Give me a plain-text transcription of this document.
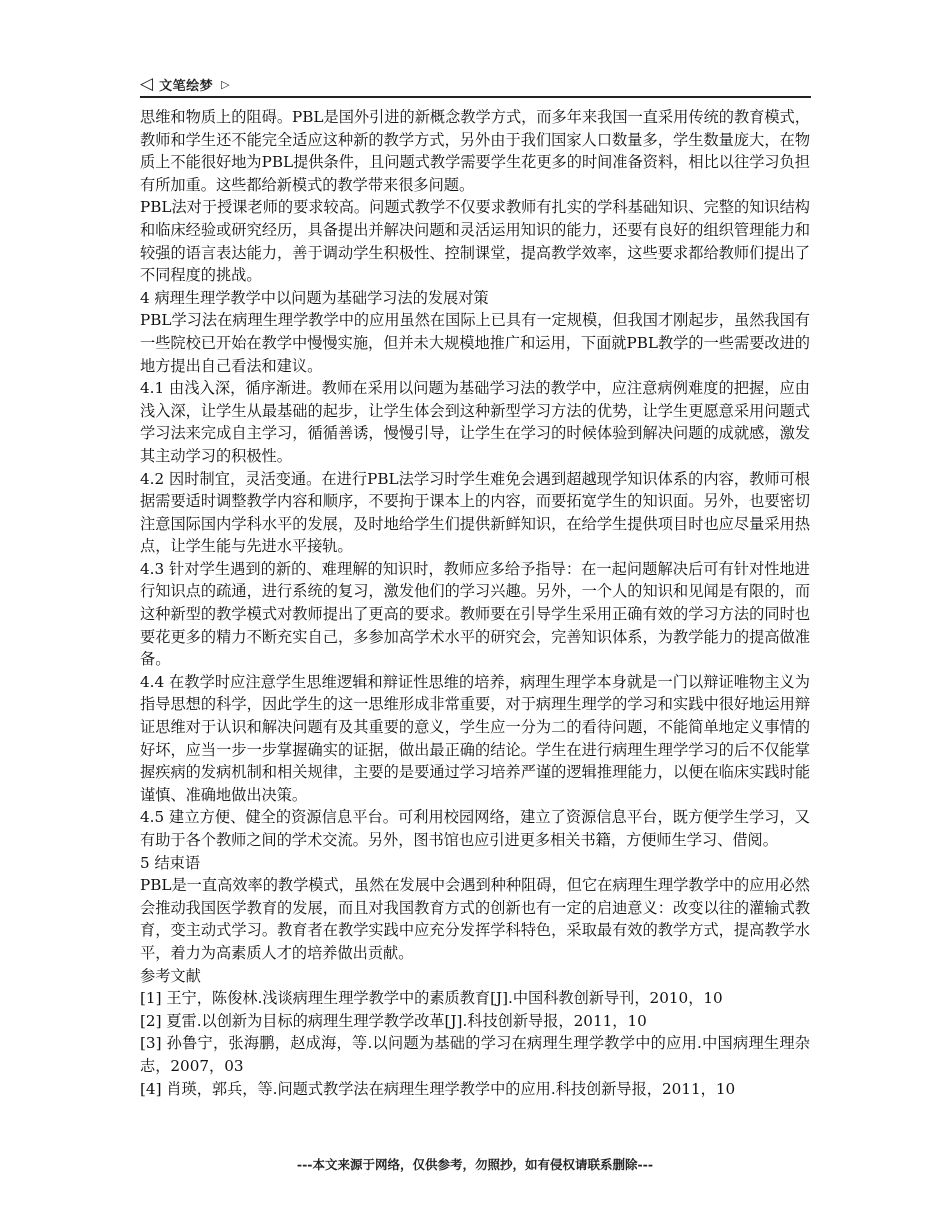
◁ 文笔绘梦 ▷

思维和物质上的阻碍。PBL是国外引进的新概念教学方式，而多年来我国一直采用传统的教育模式，教师和学生还不能完全适应这种新的教学方式，另外由于我们国家人口数量多，学生数量庞大，在物质上不能很好地为PBL提供条件，且问题式教学需要学生花更多的时间准备资料，相比以往学习负担有所加重。这些都给新模式的教学带来很多问题。

PBL法对于授课老师的要求较高。问题式教学不仅要求教师有扎实的学科基础知识、完整的知识结构和临床经验或研究经历，具备提出并解决问题和灵活运用知识的能力，还要有良好的组织管理能力和较强的语言表达能力，善于调动学生积极性、控制课堂，提高教学效率，这些要求都给教师们提出了不同程度的挑战。

4 病理生理学教学中以问题为基础学习法的发展对策

PBL学习法在病理生理学教学中的应用虽然在国际上已具有一定规模，但我国才刚起步，虽然我国有一些院校已开始在教学中慢慢实施，但并未大规模地推广和运用，下面就PBL教学的一些需要改进的地方提出自己看法和建议。

4.1 由浅入深，循序渐进。教师在采用以问题为基础学习法的教学中，应注意病例难度的把握，应由浅入深，让学生从最基础的起步，让学生体会到这种新型学习方法的优势，让学生更愿意采用问题式学习法来完成自主学习，循循善诱，慢慢引导，让学生在学习的时候体验到解决问题的成就感，激发其主动学习的积极性。

4.2 因时制宜，灵活变通。在进行PBL法学习时学生难免会遇到超越现学知识体系的内容，教师可根据需要适时调整教学内容和顺序，不要拘于课本上的内容，而要拓宽学生的知识面。另外，也要密切注意国际国内学科水平的发展，及时地给学生们提供新鲜知识，在给学生提供项目时也应尽量采用热点，让学生能与先进水平接轨。

4.3 针对学生遇到的新的、难理解的知识时，教师应多给予指导：在一起问题解决后可有针对性地进行知识点的疏通，进行系统的复习，激发他们的学习兴趣。另外，一个人的知识和见闻是有限的，而这种新型的教学模式对教师提出了更高的要求。教师要在引导学生采用正确有效的学习方法的同时也要花更多的精力不断充实自己，多参加高学术水平的研究会，完善知识体系，为教学能力的提高做准备。

4.4 在教学时应注意学生思维逻辑和辩证性思维的培养，病理生理学本身就是一门以辩证唯物主义为指导思想的科学，因此学生的这一思维形成非常重要，对于病理生理学的学习和实践中很好地运用辩证思维对于认识和解决问题有及其重要的意义，学生应一分为二的看待问题，不能简单地定义事情的好坏，应当一步一步掌握确实的证据，做出最正确的结论。学生在进行病理生理学学习的后不仅能掌握疾病的发病机制和相关规律，主要的是要通过学习培养严谨的逻辑推理能力，以便在临床实践时能谨慎、准确地做出决策。

4.5 建立方便、健全的资源信息平台。可利用校园网络，建立了资源信息平台，既方便学生学习，又有助于各个教师之间的学术交流。另外，图书馆也应引进更多相关书籍，方便师生学习、借阅。

5 结束语

PBL是一直高效率的教学模式，虽然在发展中会遇到种种阻碍，但它在病理生理学教学中的应用必然会推动我国医学教育的发展，而且对我国教育方式的创新也有一定的启迪意义：改变以往的灌输式教育，变主动式学习。教育者在教学实践中应充分发挥学科特色，采取最有效的教学方式，提高教学水平，着力为高素质人才的培养做出贡献。

参考文献

[1] 王宁，陈俊林.浅谈病理生理学教学中的素质教育[J].中国科教创新导刊，2010，10

[2] 夏雷.以创新为目标的病理生理学教学改革[J].科技创新导报，2011，10

[3] 孙鲁宁，张海鹏，赵成海，等.以问题为基础的学习在病理生理学教学中的应用.中国病理生理杂志，2007，03

[4] 肖瑛，郭兵，等.问题式教学法在病理生理学教学中的应用.科技创新导报，2011，10

---本文来源于网络，仅供参考，勿照抄，如有侵权请联系删除---
